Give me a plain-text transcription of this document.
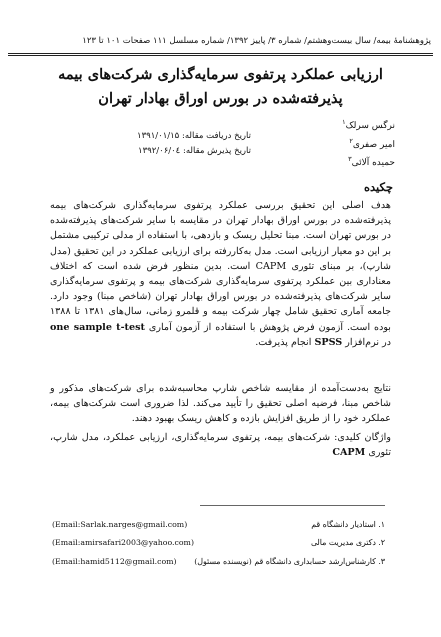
پژوهشنامۀ بیمه/ سال بیست‌وهشتم/ شماره ۳/ پاییز ۱۳۹۲/ شماره مسلسل ۱۱۱ صفحات ۱۰۱ تا ۱۲۳
ارزیابی عملکرد پرتفوی سرمایه‌گذاری شرکت‌های بیمه
پذیرفته‌شده در بورس اوراق بهادار تهران
نرگس سرلک$^۱$
امیر صفری$^۲$
حمیده آلائی$^۳$
تاریخ دریافت مقاله: ۱۳۹۱/۰۱/۱۵
تاریخ پذیرش مقاله: ۱۳۹۲/۰۶/۰٤
چکیده
هدف اصلی این تحقیق بررسی عملکرد پرتفوی سرمایه‌گذاری شرکت‌های بیمه پذیرفته‌شده در بورس اوراق بهادار تهران در مقایسه با سایر شرکت‌های پذیرفته‌شده در بورس تهران است. مبنا تحلیل ریسک و بازدهی، با استفاده از مدلی ترکیبی مشتمل بر این دو معیار ارزیابی است. مدل به‌کاررفته برای ارزیابی عملکرد در این تحقیق (مدل شارپ)، بر مبنای تئوری CAPM است. بدین منظور فرض شده است که اختلاف معناداری بین عملکرد پرتفوی سرمایه‌گذاری شرکت‌های بیمه و پرتفوی سرمایه‌گذاری سایر شرکت‌های پذیرفته‌شده در بورس اوراق بهادار تهران (شاخص مبنا) وجود دارد. جامعه آماری تحقیق شامل چهار شرکت بیمه و قلمرو زمانی، سال‌های ۱۳۸۱ تا ۱۳۸۸ بوده است. آزمون فرض پژوهش با استفاده از آزمون آماری one sample t-test در نرم‌افزار SPSS انجام پذیرفت.
نتایج به‌دست‌آمده از مقایسه شاخص شارپ محاسبه‌شده برای شرکت‌های مذکور و شاخص مبنا، فرضیه اصلی تحقیق را تأیید می‌کند. لذا ضروری است شرکت‌های بیمه، عملکرد خود را از طریق افزایش بازده و کاهش ریسک بهبود دهند.
واژگان کلیدی: شرکت‌های بیمه، پرتفوی سرمایه‌گذاری، ارزیابی عملکرد، مدل شارپ، تئوری CAPM
۱. استادیار دانشگاه قم
(Email:Sarlak.narges@gmail.com)
۲. دکتری مدیریت مالی
(Email:amirsafari2003@yahoo.com)
۳. کارشناس‌ارشد حسابداری دانشگاه قم (نویسنده مسئول)
(Email:hamid5112@gmail.com)
